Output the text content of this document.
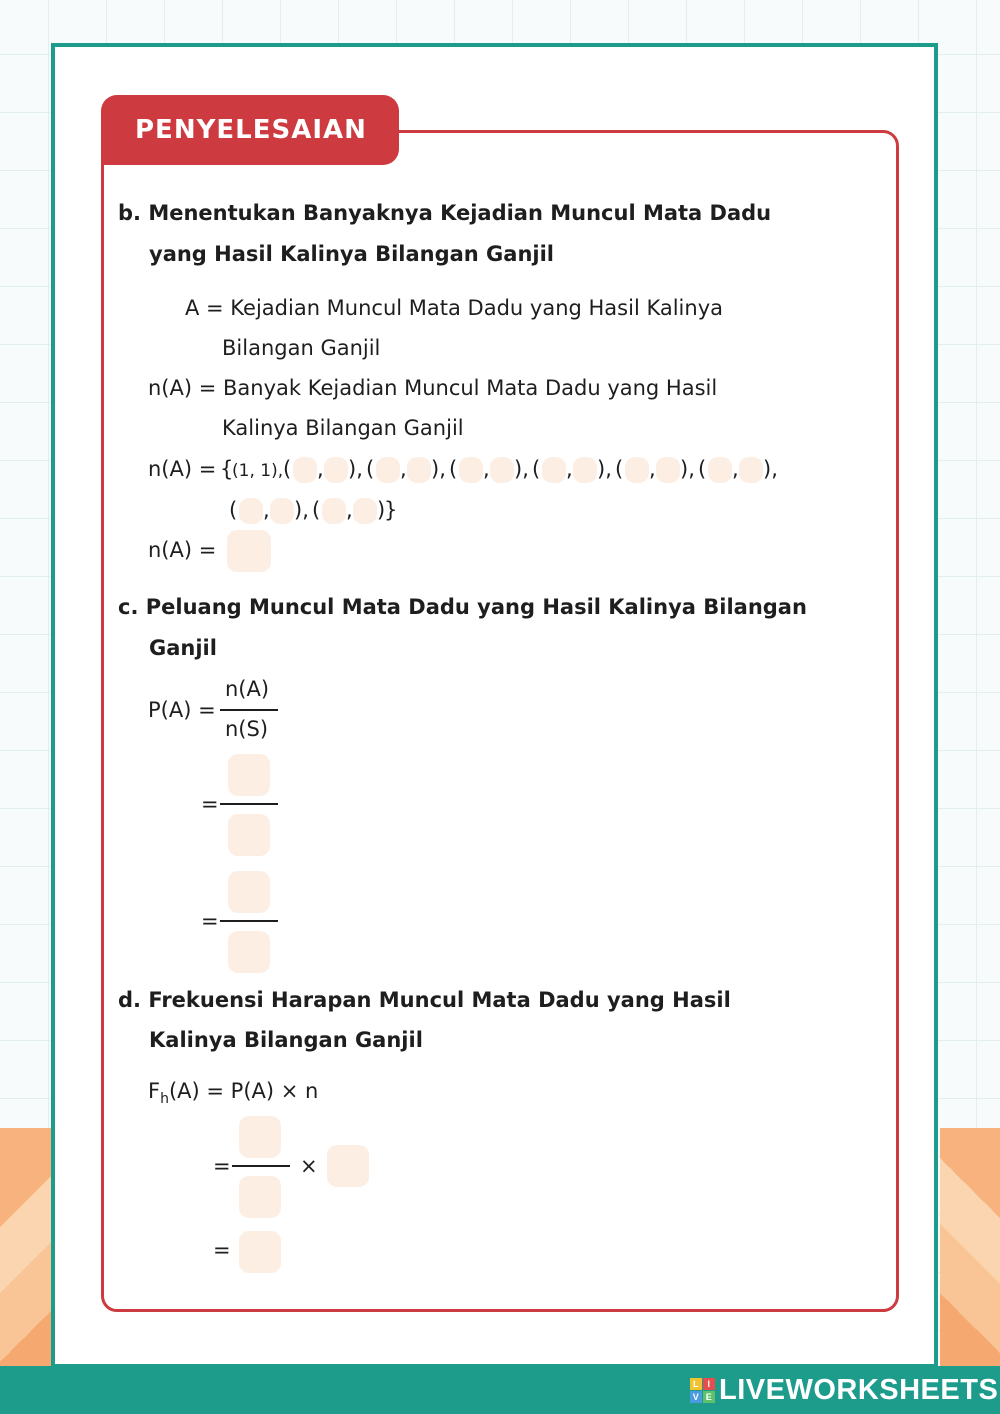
PENYELESAIAN
b. Menentukan Banyaknya Kejadian Muncul Mata Dadu
yang Hasil Kalinya Bilangan Ganjil
A = Kejadian Muncul Mata Dadu yang Hasil Kalinya
Bilangan Ganjil
n(A) = Banyak Kejadian Muncul Mata Dadu yang Hasil
Kalinya Bilangan Ganjil
n(A) = {
(1, 1), ( , ), ( , ), ( , ), ( , ), ( , ), ( , ),
( , ), ( , )
}
n(A) =
c. Peluang Muncul Mata Dadu yang Hasil Kalinya Bilangan
Ganjil
P(A) =
n(A)
n(S)
=
=
d. Frekuensi Harapan Muncul Mata Dadu yang Hasil
Kalinya Bilangan Ganjil
$F_h(A) = P(A) \times n$
=	×
=
L I
V E LIVEWORKSHEETS
